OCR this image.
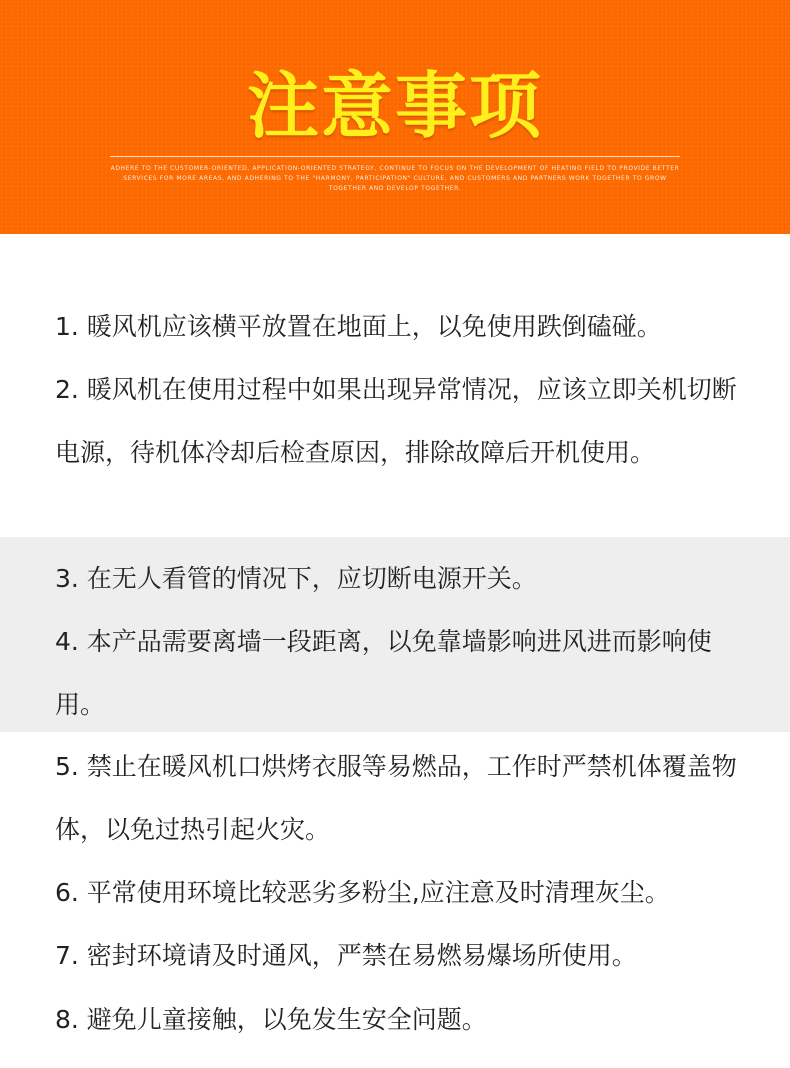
注意事项
ADHERE TO THE CUSTOMER-ORIENTED, APPLICATION-ORIENTED STRATEGY, CONTINUE TO FOCUS ON THE DEVELOPMENT OF HEATING FIELD TO PROVIDE BETTER SERVICES FOR MORE AREAS, AND ADHERING TO THE "HARMONY, PARTICIPATION" CULTURE, AND CUSTOMERS AND PARTNERS WORK TOGETHER TO GROW TOGETHER AND DEVELOP TOGETHER.

1. 暖风机应该横平放置在地面上，以免使用跌倒磕碰。

2. 暖风机在使用过程中如果出现异常情况，应该立即关机切断电源，待机体冷却后检查原因，排除故障后开机使用。

3. 在无人看管的情况下，应切断电源开关。

4. 本产品需要离墙一段距离，以免靠墙影响进风进而影响使用。

5. 禁止在暖风机口烘烤衣服等易燃品，工作时严禁机体覆盖物体，以免过热引起火灾。

6. 平常使用环境比较恶劣多粉尘,应注意及时清理灰尘。

7. 密封环境请及时通风，严禁在易燃易爆场所使用。

8. 避免儿童接触，以免发生安全问题。
